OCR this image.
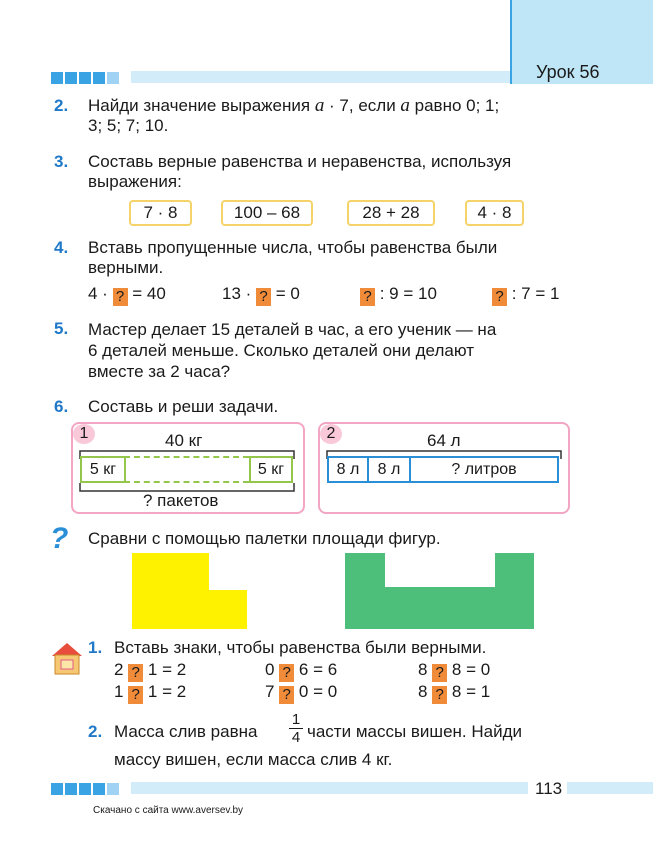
Урок 56
2. Найди значение выражения a · 7, если a равно 0; 1;
3; 5; 7; 10.
3. Составь верные равенства и неравенства, используя
выражения:
7 · 8	100 – 68	28 + 28	4 · 8
4. Вставь пропущенные числа, чтобы равенства были
верными.
4 · ? = 40	13 · ? = 0	? : 9 = 10	? : 7 = 1
5. Мастер делает 15 деталей в час, а его ученик — на
6 деталей меньше. Сколько деталей они делают
вместе за 2 часа?
6. Составь и реши задачи.
1	40 кг
5 кг	5 кг
? пакетов
2	64 л
8 л	8 л	? литров
?	Сравни с помощью палетки площади фигур.
1. Вставь знаки, чтобы равенства были верными.
2 ? 1 = 2	0 ? 6 = 6	8 ? 8 = 0
1 ? 1 = 2	7 ? 0 = 0	8 ? 8 = 1
2. Масса слив равна $\frac{1}{4}$ части массы вишен. Найди
массу вишен, если масса слив 4 кг.
113
Скачано с сайта www.aversev.by
